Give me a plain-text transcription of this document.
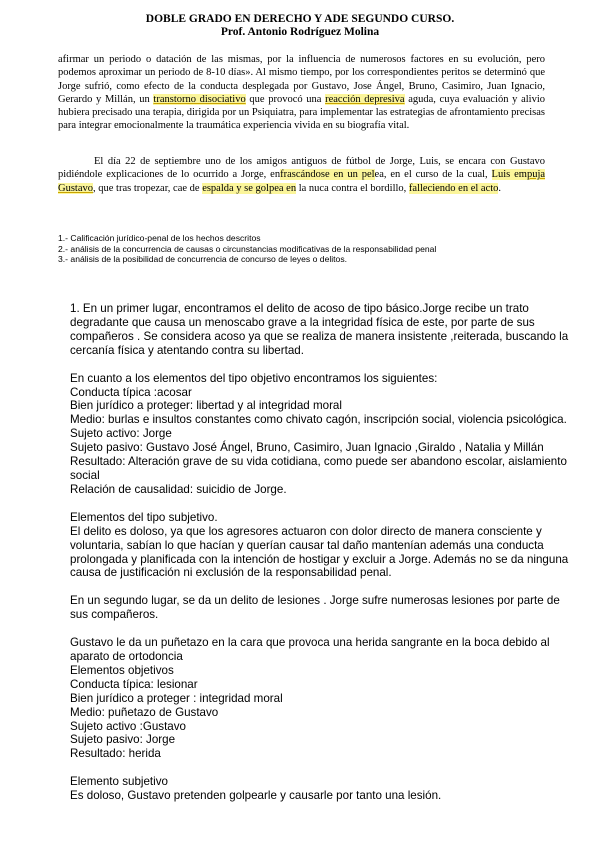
DOBLE GRADO EN DERECHO Y ADE SEGUNDO CURSO.
Prof. Antonio Rodríguez Molina
afirmar un periodo o datación de las mismas, por la influencia de numerosos factores en su evolución, pero podemos aproximar un periodo de 8-10 días». Al mismo tiempo, por los correspondientes peritos se determinó que Jorge sufrió, como efecto de la conducta desplegada por Gustavo, Jose Ángel, Bruno, Casimiro, Juan Ignacio, Gerardo y Millán, un transtorno disociativo que provocó una reacción depresiva aguda, cuya evaluación y alivio hubiera precisado una terapia, dirigida por un Psiquiatra, para implementar las estrategias de afrontamiento precisas para integrar emocionalmente la traumática experiencia vivida en su biografía vital.
El día 22 de septiembre uno de los amigos antiguos de fútbol de Jorge, Luis, se encara con Gustavo pidiéndole explicaciones de lo ocurrido a Jorge, enfrascándose en un pelea, en el curso de la cual, Luis empuja Gustavo, que tras tropezar, cae de espalda y se golpea en la nuca contra el bordillo, falleciendo en el acto.
1.- Calificación jurídico-penal de los hechos descritos
2.- análisis de la concurrencia de causas o circunstancias modificativas de la responsabilidad penal
3.- análisis de la posibilidad de concurrencia de concurso de leyes o delitos.
1. En un primer lugar, encontramos el delito de acoso de tipo básico.Jorge recibe un trato degradante que causa un menoscabo grave a la integridad física de este, por parte de sus compañeros . Se considera acoso ya que se realiza de manera insistente ,reiterada, buscando la cercanía física y atentando contra su libertad.
En cuanto a los elementos del tipo objetivo encontramos los siguientes:
Conducta típica :acosar
Bien jurídico a proteger: libertad y al integridad moral
Medio: burlas e insultos constantes como chivato cagón, inscripción social, violencia psicológica.
Sujeto activo: Jorge
Sujeto pasivo: Gustavo José Ángel, Bruno, Casimiro, Juan Ignacio ,Giraldo , Natalia y Millán
Resultado: Alteración grave de su vida cotidiana, como puede ser abandono escolar, aislamiento social
Relación de causalidad: suicidio de Jorge.
Elementos del tipo subjetivo.
El delito es doloso, ya que los agresores actuaron con dolor directo de manera consciente y voluntaria, sabían lo que hacían y querían causar tal daño mantenían además una conducta prolongada y planificada con la intención de hostigar y excluir a Jorge. Además no se da ninguna causa de justificación ni exclusión de la responsabilidad penal.
En un segundo lugar, se da un delito de lesiones . Jorge sufre numerosas lesiones por parte de sus compañeros.
Gustavo le da un puñetazo en la cara que provoca una herida sangrante en la boca debido al aparato de ortodoncia
Elementos objetivos
Conducta típica: lesionar
Bien jurídico a proteger : integridad moral
Medio: puñetazo de Gustavo
Sujeto activo :Gustavo
Sujeto pasivo: Jorge
Resultado: herida
Elemento subjetivo
Es doloso, Gustavo pretenden golpearle y causarle por tanto una lesión.
